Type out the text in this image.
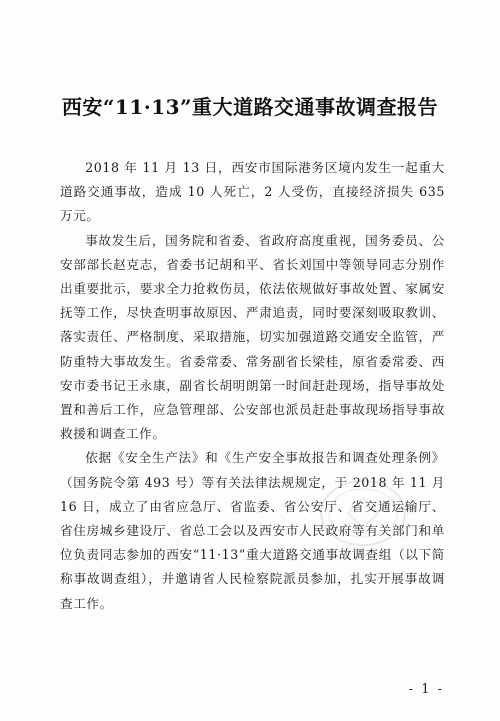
西安“11·13”重大道路交通事故调查报告

2018 年 11 月 13 日，西安市国际港务区境内发生一起重大道路交通事故，造成 10 人死亡，2 人受伤，直接经济损失 635 万元。

事故发生后，国务院和省委、省政府高度重视，国务委员、公安部部长赵克志，省委书记胡和平、省长刘国中等领导同志分别作出重要批示，要求全力抢救伤员，依法依规做好事故处置、家属安抚等工作，尽快查明事故原因、严肃追责，同时要深刻吸取教训、落实责任、严格制度、采取措施，切实加强道路交通安全监管，严防重特大事故发生。省委常委、常务副省长梁桂，原省委常委、西安市委书记王永康，副省长胡明朗第一时间赶赴现场，指导事故处置和善后工作，应急管理部、公安部也派员赶赴事故现场指导事故救援和调查工作。

依据《安全生产法》和《生产安全事故报告和调查处理条例》（国务院令第 493 号）等有关法律法规规定，于 2018 年 11 月 16 日，成立了由省应急厅、省监委、省公安厅、省交通运输厅、省住房城乡建设厅、省总工会以及西安市人民政府等有关部门和单位负责同志参加的西安“11·13”重大道路交通事故调查组（以下简称事故调查组），并邀请省人民检察院派员参加，扎实开展事故调查工作。

- 1 -
